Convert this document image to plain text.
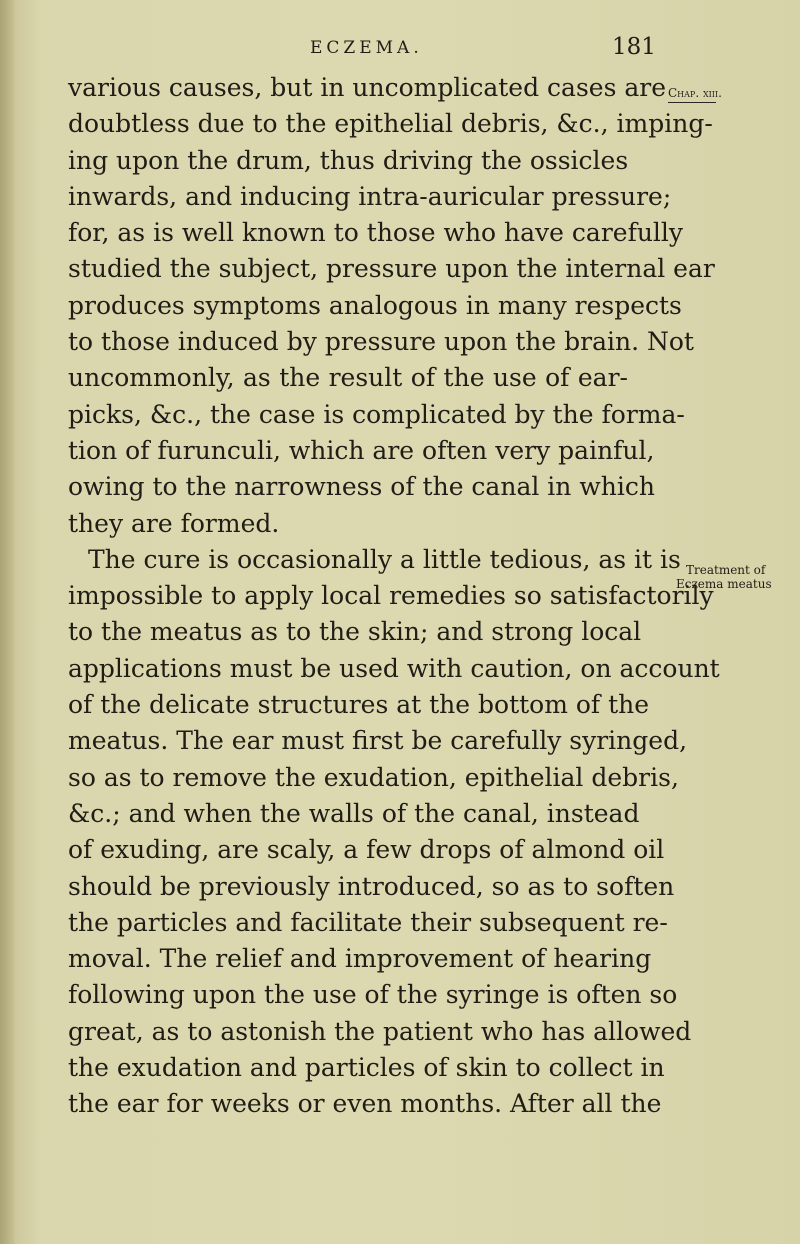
ECZEMA.	181
Chap. xiii.
Treatment of
Eczema meatus
various causes, but in uncomplicated cases are
doubtless due to the epithelial debris, &c., imping-
ing upon the drum, thus driving the ossicles
inwards, and inducing intra-auricular pressure;
for, as is well known to those who have carefully
studied the subject, pressure upon the internal ear
produces symptoms analogous in many respects
to those induced by pressure upon the brain. Not
uncommonly, as the result of the use of ear-
picks, &c., the case is complicated by the forma-
tion of furunculi, which are often very painful,
owing to the narrowness of the canal in which
they are formed.
The cure is occasionally a little tedious, as it is
impossible to apply local remedies so satisfactorily
to the meatus as to the skin; and strong local
applications must be used with caution, on account
of the delicate structures at the bottom of the
meatus. The ear must first be carefully syringed,
so as to remove the exudation, epithelial debris,
&c.; and when the walls of the canal, instead
of exuding, are scaly, a few drops of almond oil
should be previously introduced, so as to soften
the particles and facilitate their subsequent re-
moval. The relief and improvement of hearing
following upon the use of the syringe is often so
great, as to astonish the patient who has allowed
the exudation and particles of skin to collect in
the ear for weeks or even months. After all the
